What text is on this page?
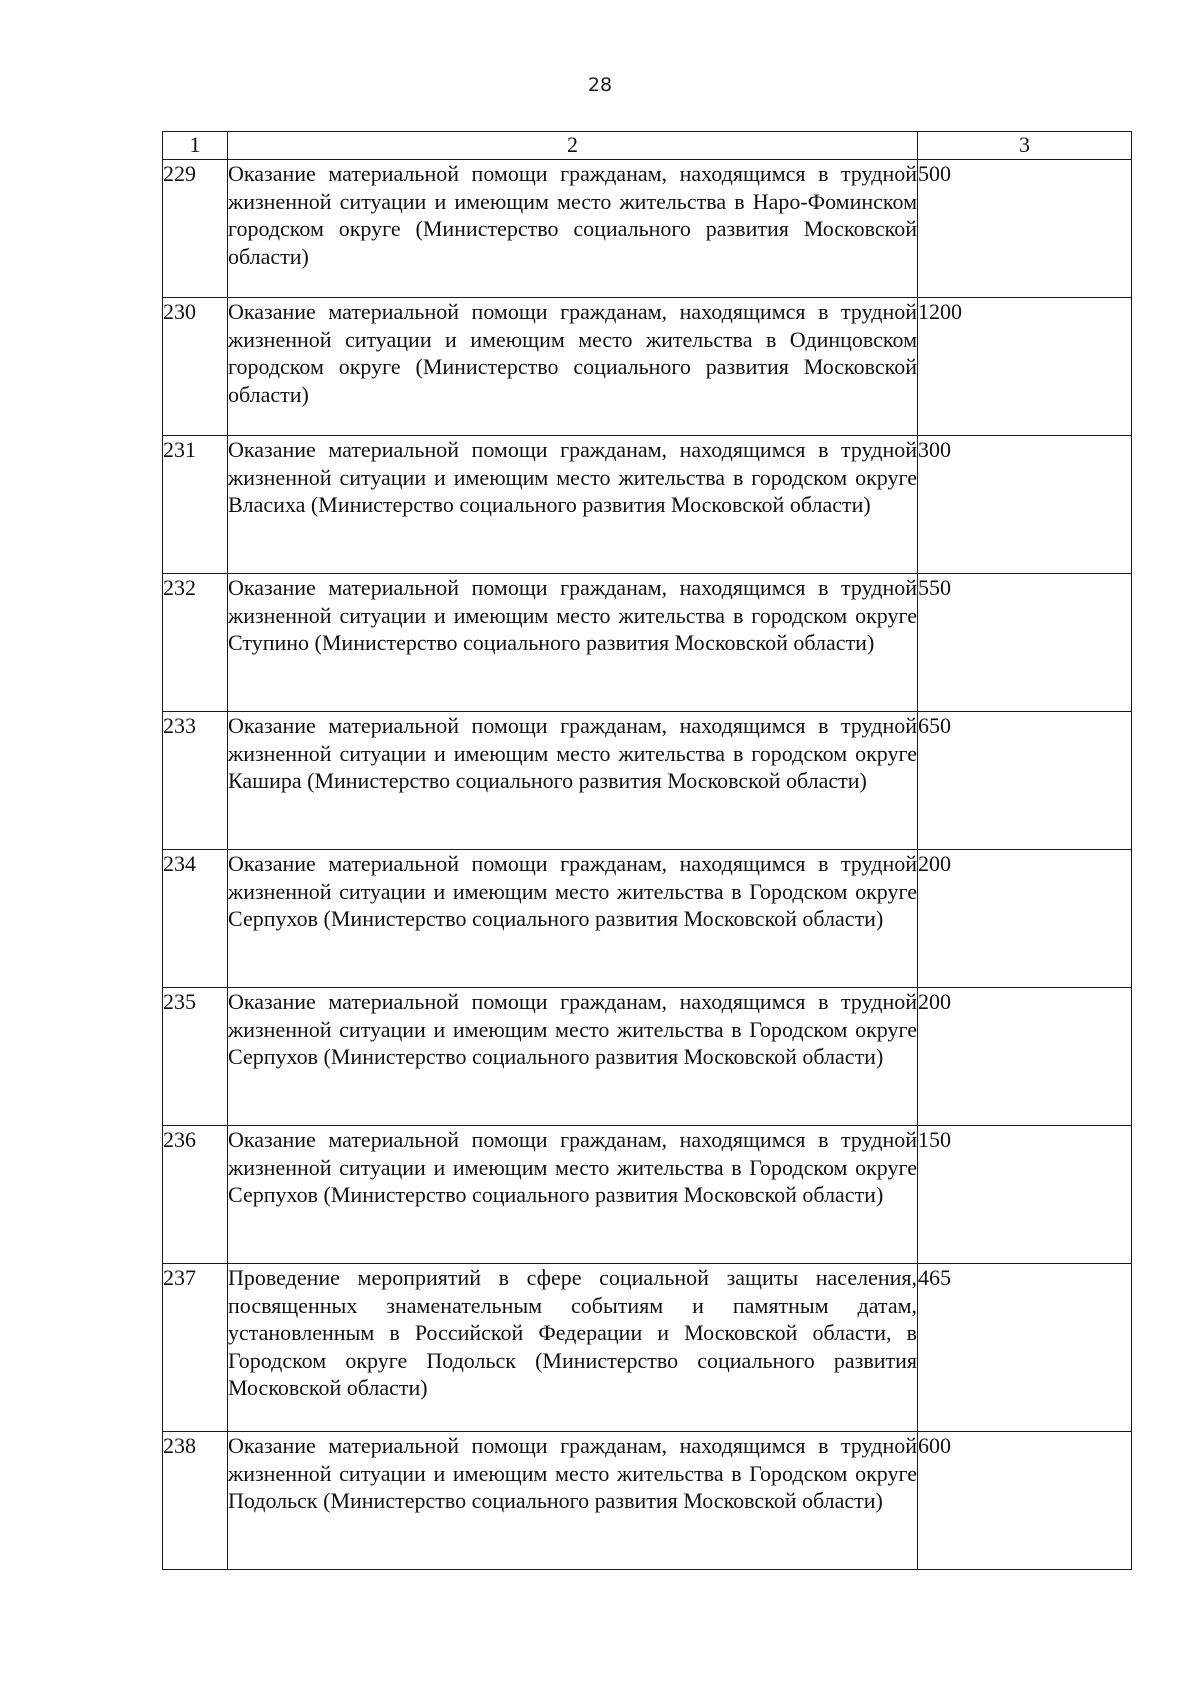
28
1	2	3
229	Оказание материальной помощи гражданам, находящимся в трудной жизненной ситуации и имеющим место жительства в Наро-Фоминском городском округе (Министерство социального развития Московской области)	500
230	Оказание материальной помощи гражданам, находящимся в трудной жизненной ситуации и имеющим место жительства в Одинцовском городском округе (Министерство социального развития Московской области)	1200
231	Оказание материальной помощи гражданам, находящимся в трудной жизненной ситуации и имеющим место жительства в городском округе Власиха (Министерство социального развития Московской области)	300
232	Оказание материальной помощи гражданам, находящимся в трудной жизненной ситуации и имеющим место жительства в городском округе Ступино (Министерство социального развития Московской области)	550
233	Оказание материальной помощи гражданам, находящимся в трудной жизненной ситуации и имеющим место жительства в городском округе Кашира (Министерство социального развития Московской области)	650
234	Оказание материальной помощи гражданам, находящимся в трудной жизненной ситуации и имеющим место жительства в Городском округе Серпухов (Министерство социального развития Московской области)	200
235	Оказание материальной помощи гражданам, находящимся в трудной жизненной ситуации и имеющим место жительства в Городском округе Серпухов (Министерство социального развития Московской области)	200
236	Оказание материальной помощи гражданам, находящимся в трудной жизненной ситуации и имеющим место жительства в Городском округе Серпухов (Министерство социального развития Московской области)	150
237	Проведение мероприятий в сфере социальной защиты населения, посвященных знаменательным событиям и памятным датам, установленным в Российской Федерации и Московской области, в Городском округе Подольск (Министерство социального развития Московской области)	465
238	Оказание материальной помощи гражданам, находящимся в трудной жизненной ситуации и имеющим место жительства в Городском округе Подольск (Министерство социального развития Московской области)	600
